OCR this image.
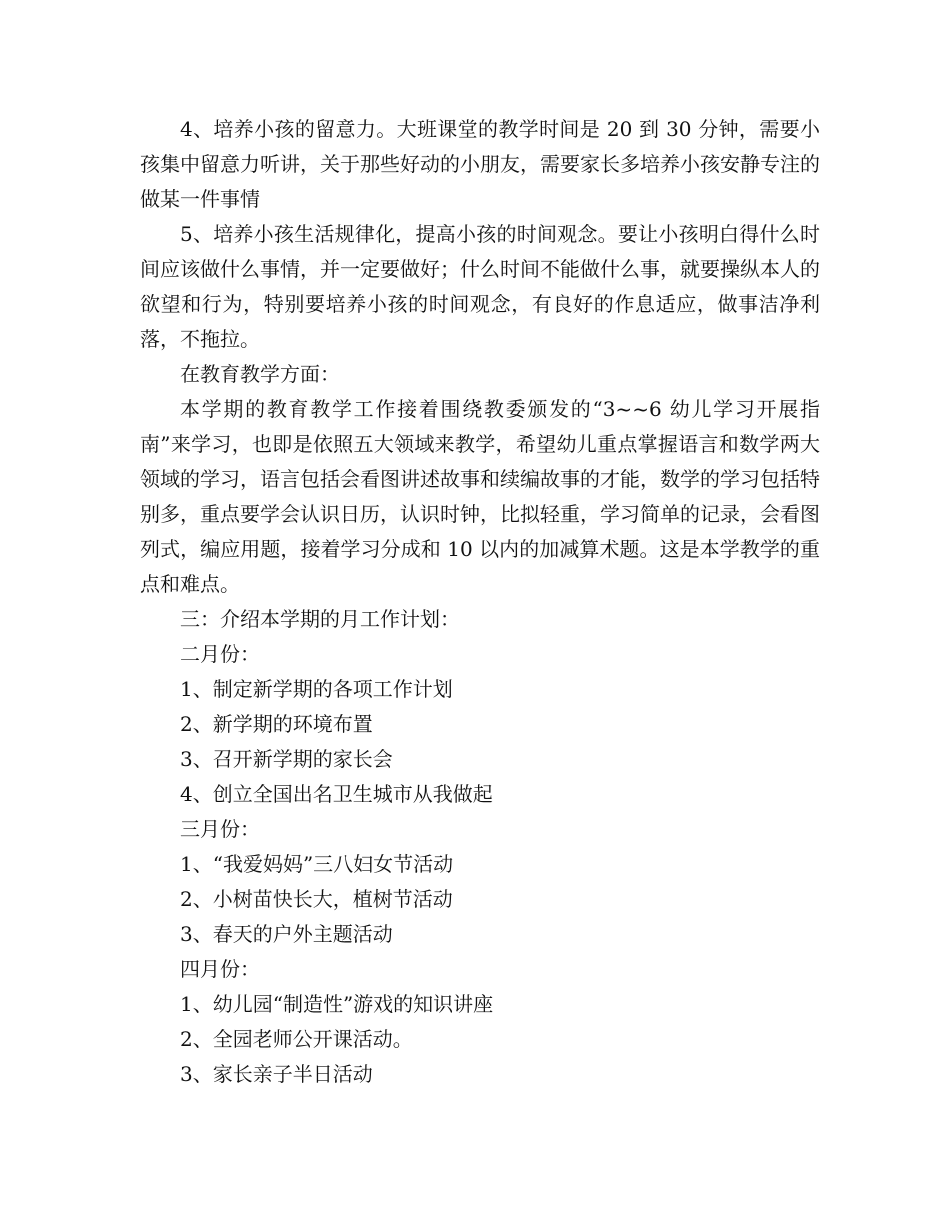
4、培养小孩的留意力。大班课堂的教学时间是 20 到 30 分钟，需要小孩集中留意力听讲，关于那些好动的小朋友，需要家长多培养小孩安静专注的做某一件事情

5、培养小孩生活规律化，提高小孩的时间观念。要让小孩明白得什么时间应该做什么事情，并一定要做好；什么时间不能做什么事，就要操纵本人的欲望和行为，特别要培养小孩的时间观念，有良好的作息适应，做事洁净利落，不拖拉。

在教育教学方面：

本学期的教育教学工作接着围绕教委颁发的“3~~6 幼儿学习开展指南”来学习，也即是依照五大领域来教学，希望幼儿重点掌握语言和数学两大领域的学习，语言包括会看图讲述故事和续编故事的才能，数学的学习包括特别多，重点要学会认识日历，认识时钟，比拟轻重，学习简单的记录，会看图列式，编应用题，接着学习分成和 10 以内的加减算术题。这是本学教学的重点和难点。

三：介绍本学期的月工作计划：

二月份：

1、制定新学期的各项工作计划

2、新学期的环境布置

3、召开新学期的家长会

4、创立全国出名卫生城市从我做起

三月份：

1、“我爱妈妈”三八妇女节活动

2、小树苗快长大，植树节活动

3、春天的户外主题活动

四月份：

1、幼儿园“制造性”游戏的知识讲座

2、全园老师公开课活动。

3、家长亲子半日活动
